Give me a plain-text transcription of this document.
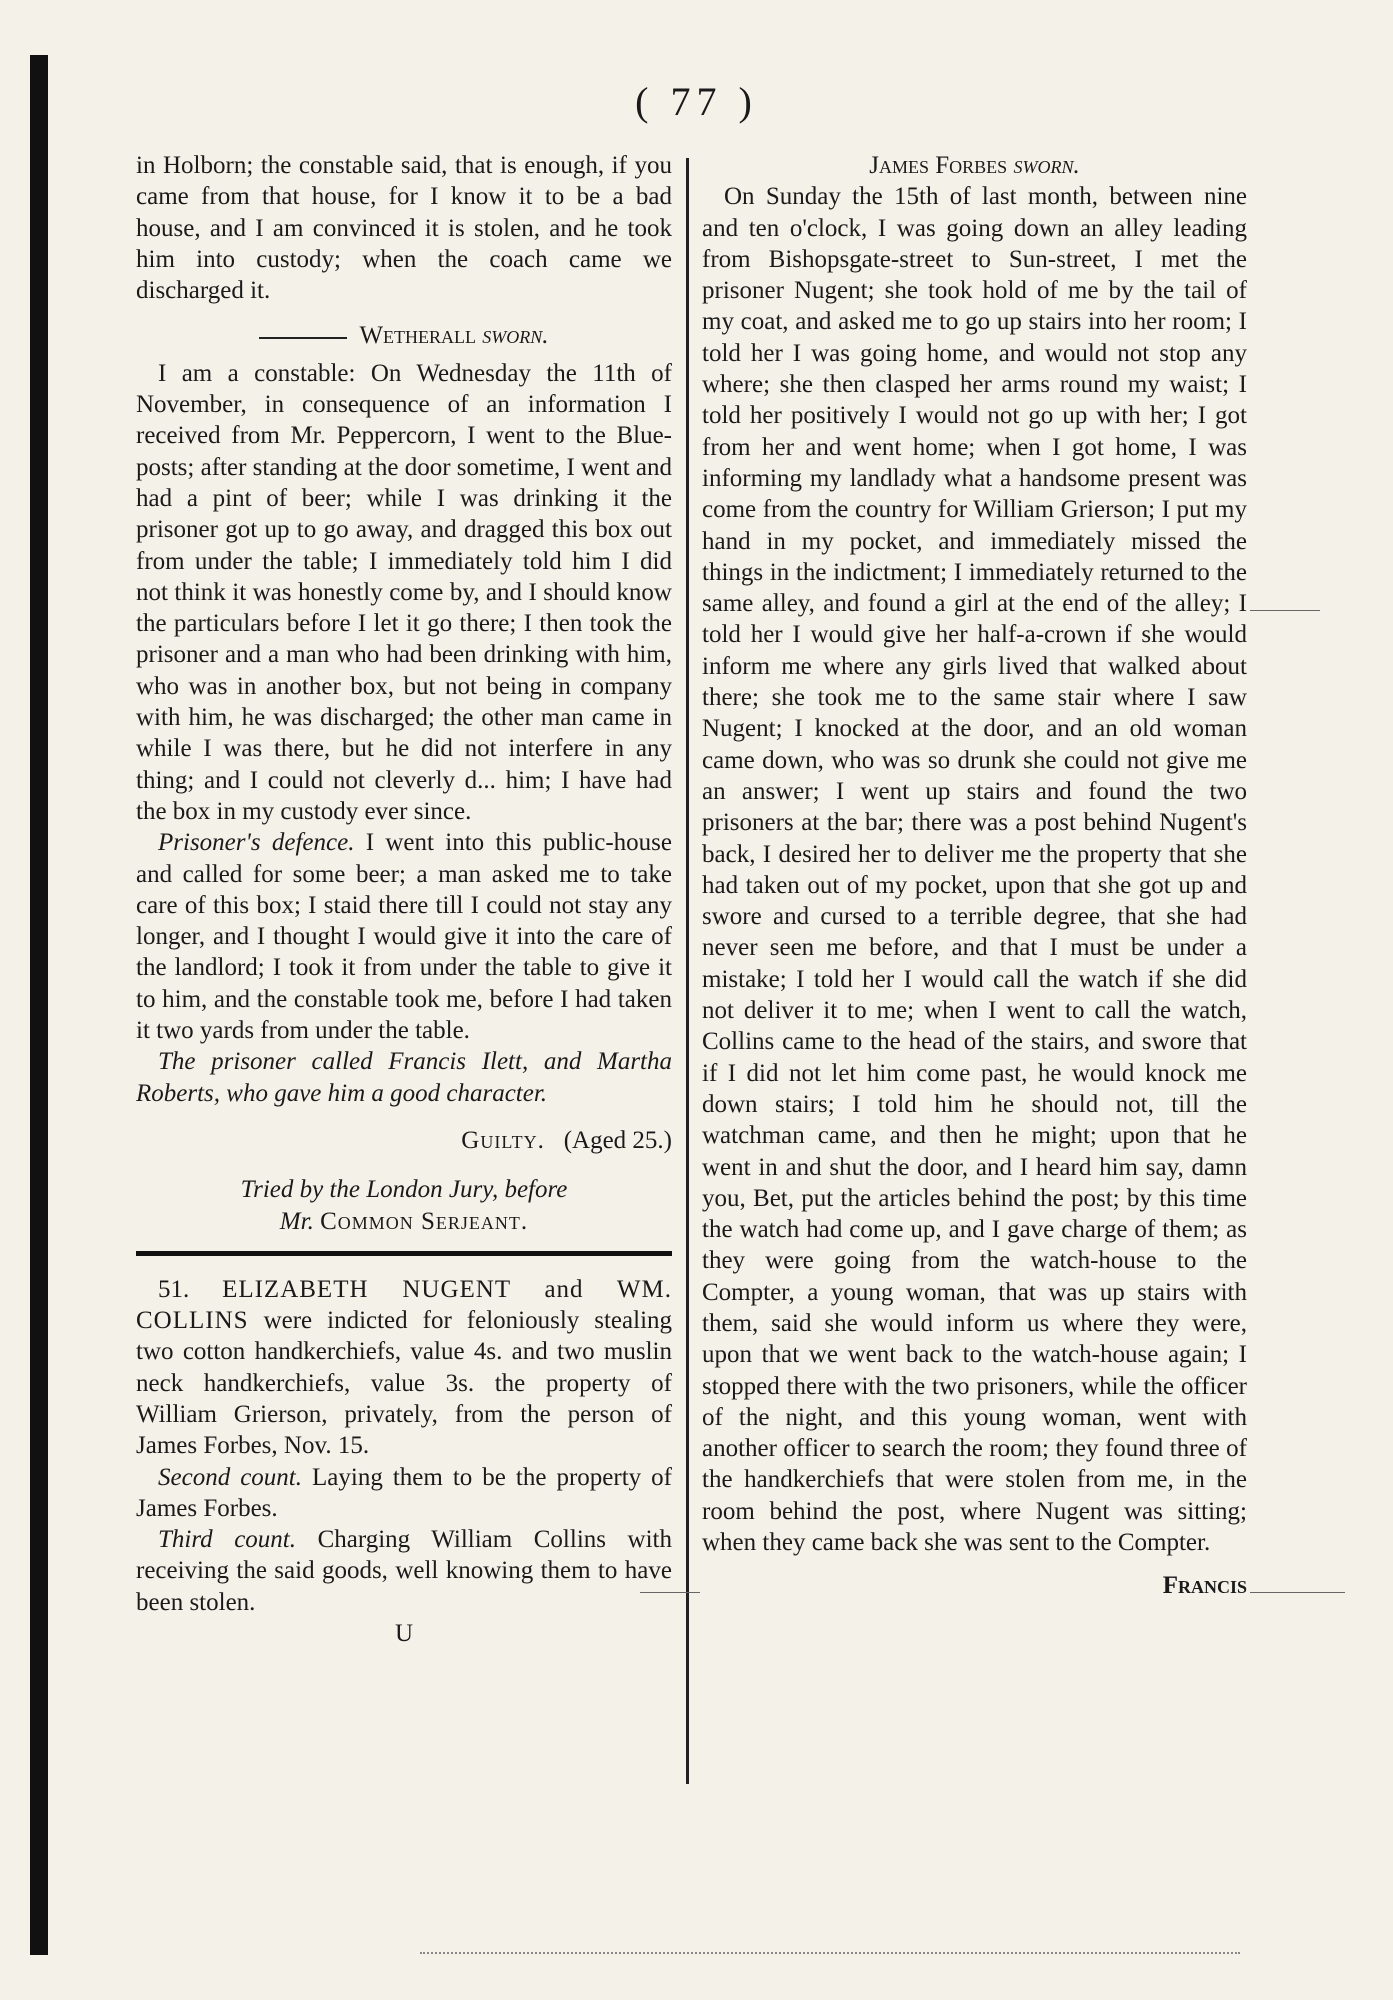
( 77 )

in Holborn; the constable said, that is enough, if you came from that house, for I know it to be a bad house, and I am convinced it is stolen, and he took him into custody; when the coach came we discharged it.

Wetherall sworn.

I am a constable: On Wednesday the 11th of November, in consequence of an information I received from Mr. Peppercorn, I went to the Blue-posts; after standing at the door sometime, I went and had a pint of beer; while I was drinking it the prisoner got up to go away, and dragged this box out from under the table; I immediately told him I did not think it was honestly come by, and I should know the particulars before I let it go there; I then took the prisoner and a man who had been drinking with him, who was in another box, but not being in company with him, he was discharged; the other man came in while I was there, but he did not interfere in any thing; and I could not cleverly d... him; I have had the box in my custody ever since.

Prisoner's defence. I went into this public-house and called for some beer; a man asked me to take care of this box; I staid there till I could not stay any longer, and I thought I would give it into the care of the landlord; I took it from under the table to give it to him, and the constable took me, before I had taken it two yards from under the table.

The prisoner called Francis Ilett, and Martha Roberts, who gave him a good character.

Guilty. (Aged 25.)

Tried by the London Jury, before

Mr. Common Serjeant.

51. ELIZABETH NUGENT and WM. COLLINS were indicted for feloniously stealing two cotton handkerchiefs, value 4s. and two muslin neck handkerchiefs, value 3s. the property of William Grierson, privately, from the person of James Forbes, Nov. 15.

Second count. Laying them to be the property of James Forbes.

Third count. Charging William Collins with receiving the said goods, well knowing them to have been stolen.

U

James Forbes sworn.

On Sunday the 15th of last month, between nine and ten o'clock, I was going down an alley leading from Bishopsgate-street to Sun-street, I met the prisoner Nugent; she took hold of me by the tail of my coat, and asked me to go up stairs into her room; I told her I was going home, and would not stop any where; she then clasped her arms round my waist; I told her positively I would not go up with her; I got from her and went home; when I got home, I was informing my landlady what a handsome present was come from the country for William Grierson; I put my hand in my pocket, and immediately missed the things in the indictment; I immediately returned to the same alley, and found a girl at the end of the alley; I told her I would give her half-a-crown if she would inform me where any girls lived that walked about there; she took me to the same stair where I saw Nugent; I knocked at the door, and an old woman came down, who was so drunk she could not give me an answer; I went up stairs and found the two prisoners at the bar; there was a post behind Nugent's back, I desired her to deliver me the property that she had taken out of my pocket, upon that she got up and swore and cursed to a terrible degree, that she had never seen me before, and that I must be under a mistake; I told her I would call the watch if she did not deliver it to me; when I went to call the watch, Collins came to the head of the stairs, and swore that if I did not let him come past, he would knock me down stairs; I told him he should not, till the watchman came, and then he might; upon that he went in and shut the door, and I heard him say, damn you, Bet, put the articles behind the post; by this time the watch had come up, and I gave charge of them; as they were going from the watch-house to the Compter, a young woman, that was up stairs with them, said she would inform us where they were, upon that we went back to the watch-house again; I stopped there with the two prisoners, while the officer of the night, and this young woman, went with another officer to search the room; they found three of the handkerchiefs that were stolen from me, in the room behind the post, where Nugent was sitting; when they came back she was sent to the Compter.

Francis
